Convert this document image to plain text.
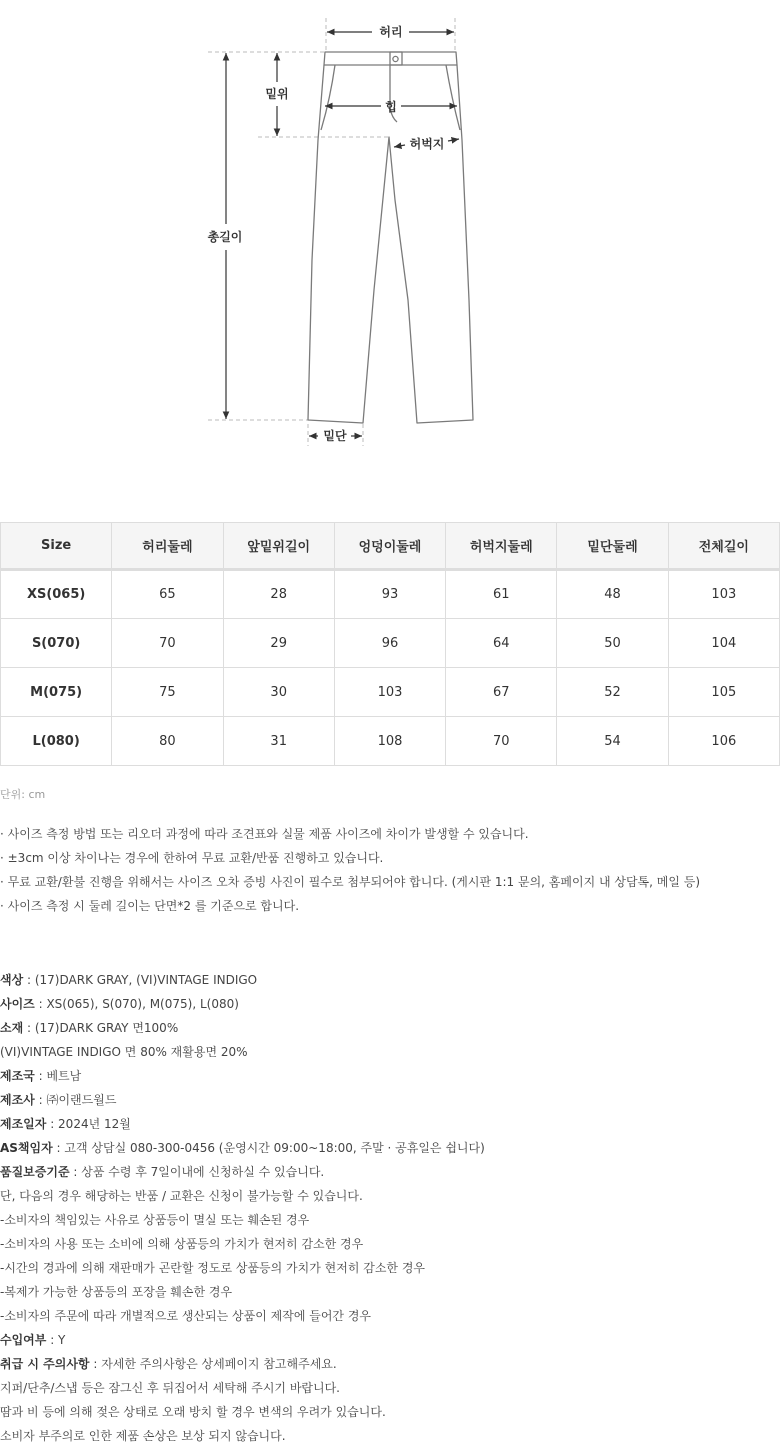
허리
밑위
힙
허벅지
총길이
밑단
Size	허리둘레	앞밑위길이	엉덩이둘레	허벅지둘레	밑단둘레	전체길이
XS(065)	65	28	93	61	48	103
S(070)	70	29	96	64	50	104
M(075)	75	30	103	67	52	105
L(080)	80	31	108	70	54	106
단위: cm
· 사이즈 측정 방법 또는 리오더 과정에 따라 조견표와 실물 제품 사이즈에 차이가 발생할 수 있습니다.
· ±3cm 이상 차이나는 경우에 한하여 무료 교환/반품 진행하고 있습니다.
· 무료 교환/환불 진행을 위해서는 사이즈 오차 증빙 사진이 필수로 첨부되어야 합니다. (게시판 1:1 문의, 홈페이지 내 상담톡, 메일 등)
· 사이즈 측정 시 둘레 길이는 단면*2 를 기준으로 합니다.
색상 : (17)DARK GRAY, (VI)VINTAGE INDIGO
사이즈 : XS(065), S(070), M(075), L(080)
소재 : (17)DARK GRAY 면100%
(VI)VINTAGE INDIGO 면 80% 재활용면 20%
제조국 : 베트남
제조사 : ㈜이랜드월드
제조일자 : 2024년 12월
AS책임자 : 고객 상담실 080-300-0456 (운영시간 09:00~18:00, 주말 · 공휴일은 쉽니다)
품질보증기준 : 상품 수령 후 7일이내에 신청하실 수 있습니다.
단, 다음의 경우 해당하는 반품 / 교환은 신청이 불가능할 수 있습니다.
-소비자의 책임있는 사유로 상품등이 멸실 또는 훼손된 경우
-소비자의 사용 또는 소비에 의해 상품등의 가치가 현저히 감소한 경우
-시간의 경과에 의해 재판매가 곤란할 정도로 상품등의 가치가 현저히 감소한 경우
-복제가 가능한 상품등의 포장을 훼손한 경우
-소비자의 주문에 따라 개별적으로 생산되는 상품이 제작에 들어간 경우
수입여부 : Y
취급 시 주의사항 : 자세한 주의사항은 상세페이지 참고해주세요.
지퍼/단추/스냅 등은 잠그신 후 뒤집어서 세탁해 주시기 바랍니다.
땀과 비 등에 의해 젖은 상태로 오래 방치 할 경우 변색의 우려가 있습니다.
소비자 부주의로 인한 제품 손상은 보상 되지 않습니다.
